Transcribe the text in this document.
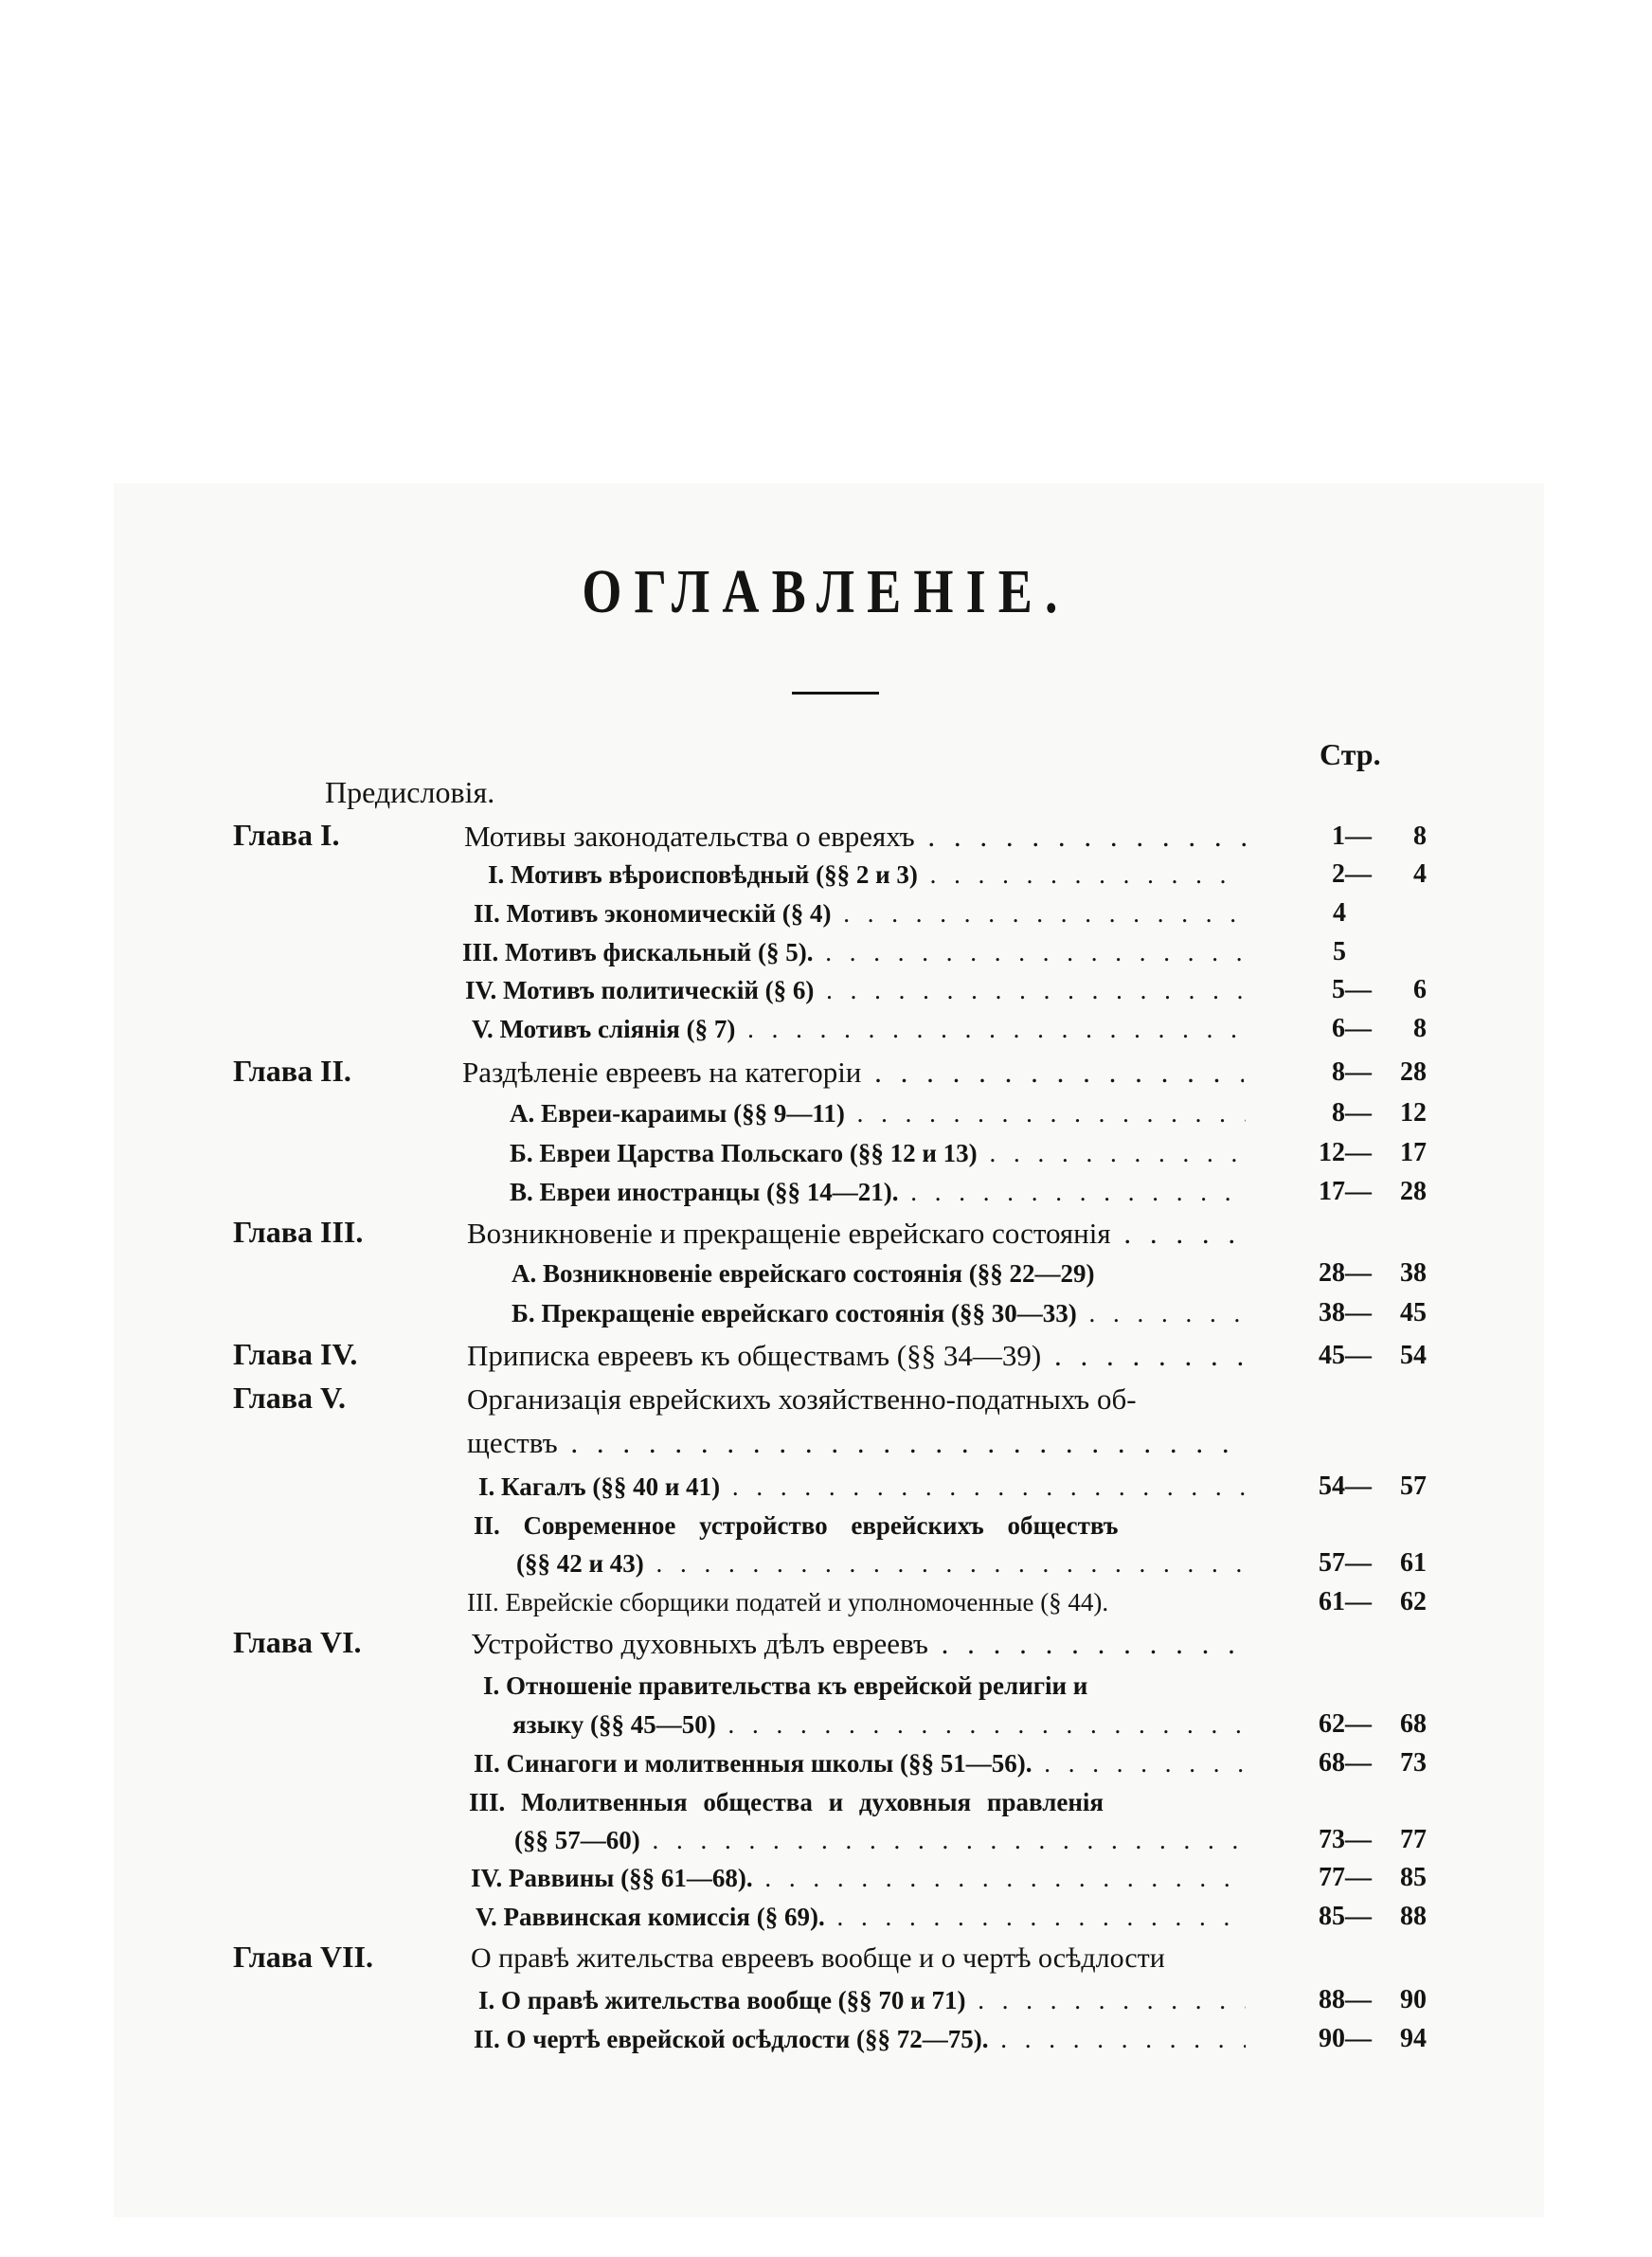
ОГЛАВЛЕНIЕ.
Стр.
Предисловія.
Глава I.	Мотивы законодательства о евреяхъ . . .	1—	8
I. Мотивъ вѣроисповѣдный (§§ 2 и 3) . . .	2—	4
II. Мотивъ экономическій (§ 4) . . .	4
III. Мотивъ фискальный (§ 5). . . .	5
IV. Мотивъ политическій (§ 6) . . .	5—	6
V. Мотивъ слiянія (§ 7) . . .	6—	8
Глава II.	Раздѣленіе евреевъ на категоріи . . .	8—	28
А. Евреи-караимы (§§ 9—11) . . .	8—	12
Б. Евреи Царства Польскаго (§§ 12 и 13) . . .	12—	17
В. Евреи иностранцы (§§ 14—21). . . .	17—	28
Глава III.	Возникновеніе и прекращеніе еврейскаго состоянія . . .
А. Возникновеніе еврейскаго состоянія (§§ 22—29)	28—	38
Б. Прекращеніе еврейскаго состоянія (§§ 30—33) . . .	38—	45
Глава IV.	Приписка евреевъ къ обществамъ (§§ 34—39) . . .	45—	54
Глава V.	Организація еврейскихъ хозяйственно-податныхъ об-
ществъ . . .
I. Кагалъ (§§ 40 и 41) . . .	54—	57
II. Современное устройство еврейскихъ обществъ
(§§ 42 и 43) . . .	57—	61
III. Еврейскіе сборщики податей и уполномоченные (§ 44).	61—	62
Глава VI.	Устройство духовныхъ дѣлъ евреевъ . . .
I. Отношеніе правительства къ еврейской религіи и
языку (§§ 45—50) . . .	62—	68
II. Синагоги и молитвенныя школы (§§ 51—56). . . .	68—	73
III. Молитвенныя общества и духовныя правленія
(§§ 57—60) . . .	73—	77
IV. Раввины (§§ 61—68). . . .	77—	85
V. Раввинская комиссія (§ 69). . . .	85—	88
Глава VII.	О правѣ жительства евреевъ вообще и о чертѣ осѣдлости
I. О правѣ жительства вообще (§§ 70 и 71) . . .	88—	90
II. О чертѣ еврейской осѣдлости (§§ 72—75). . . .	90—	94
